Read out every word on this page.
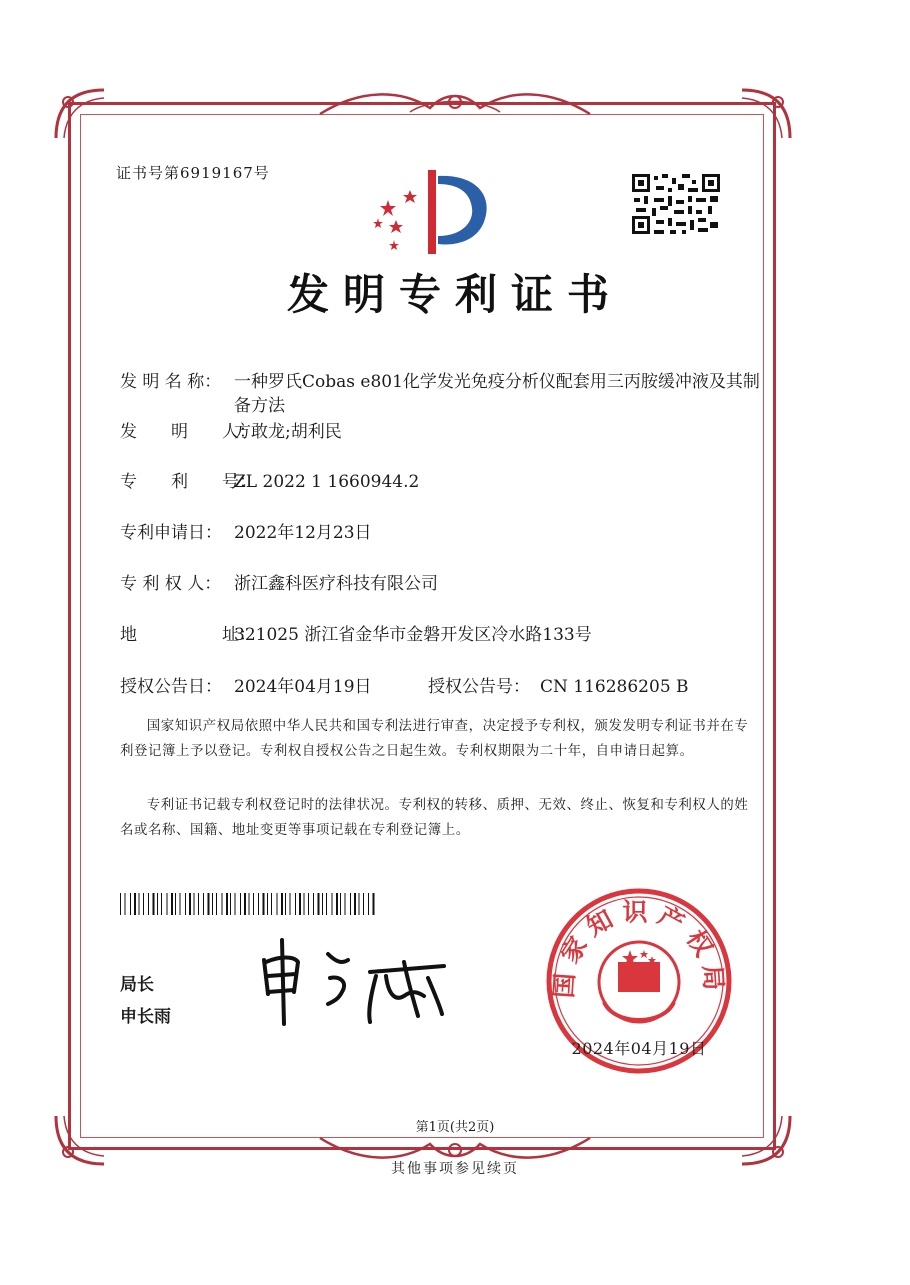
证书号第6919167号
发明专利证书
发 明 名 称： 一种罗氏Cobas e801化学发光免疫分析仪配套用三丙胺缓冲液及其制备方法
发　　明　　人：
方敢龙;胡利民
专　　利　　号：
ZL 2022 1 1660944.2
专利申请日： 2022年12月23日
专 利 权 人： 浙江鑫科医疗科技有限公司
地　　　　　址：
321025 浙江省金华市金磐开发区冷水路133号
授权公告日： 2024年04月19日	授权公告号： CN 116286205 B
国家知识产权局依照中华人民共和国专利法进行审查，决定授予专利权，颁发发明专利证书并在专利登记簿上予以登记。专利权自授权公告之日起生效。专利权期限为二十年，自申请日起算。
专利证书记载专利权登记时的法律状况。专利权的转移、质押、无效、终止、恢复和专利权人的姓名或名称、国籍、地址变更等事项记载在专利登记簿上。
局长
申长雨
国家知识产权局
2024年04月19日
第1页(共2页)
其他事项参见续页
